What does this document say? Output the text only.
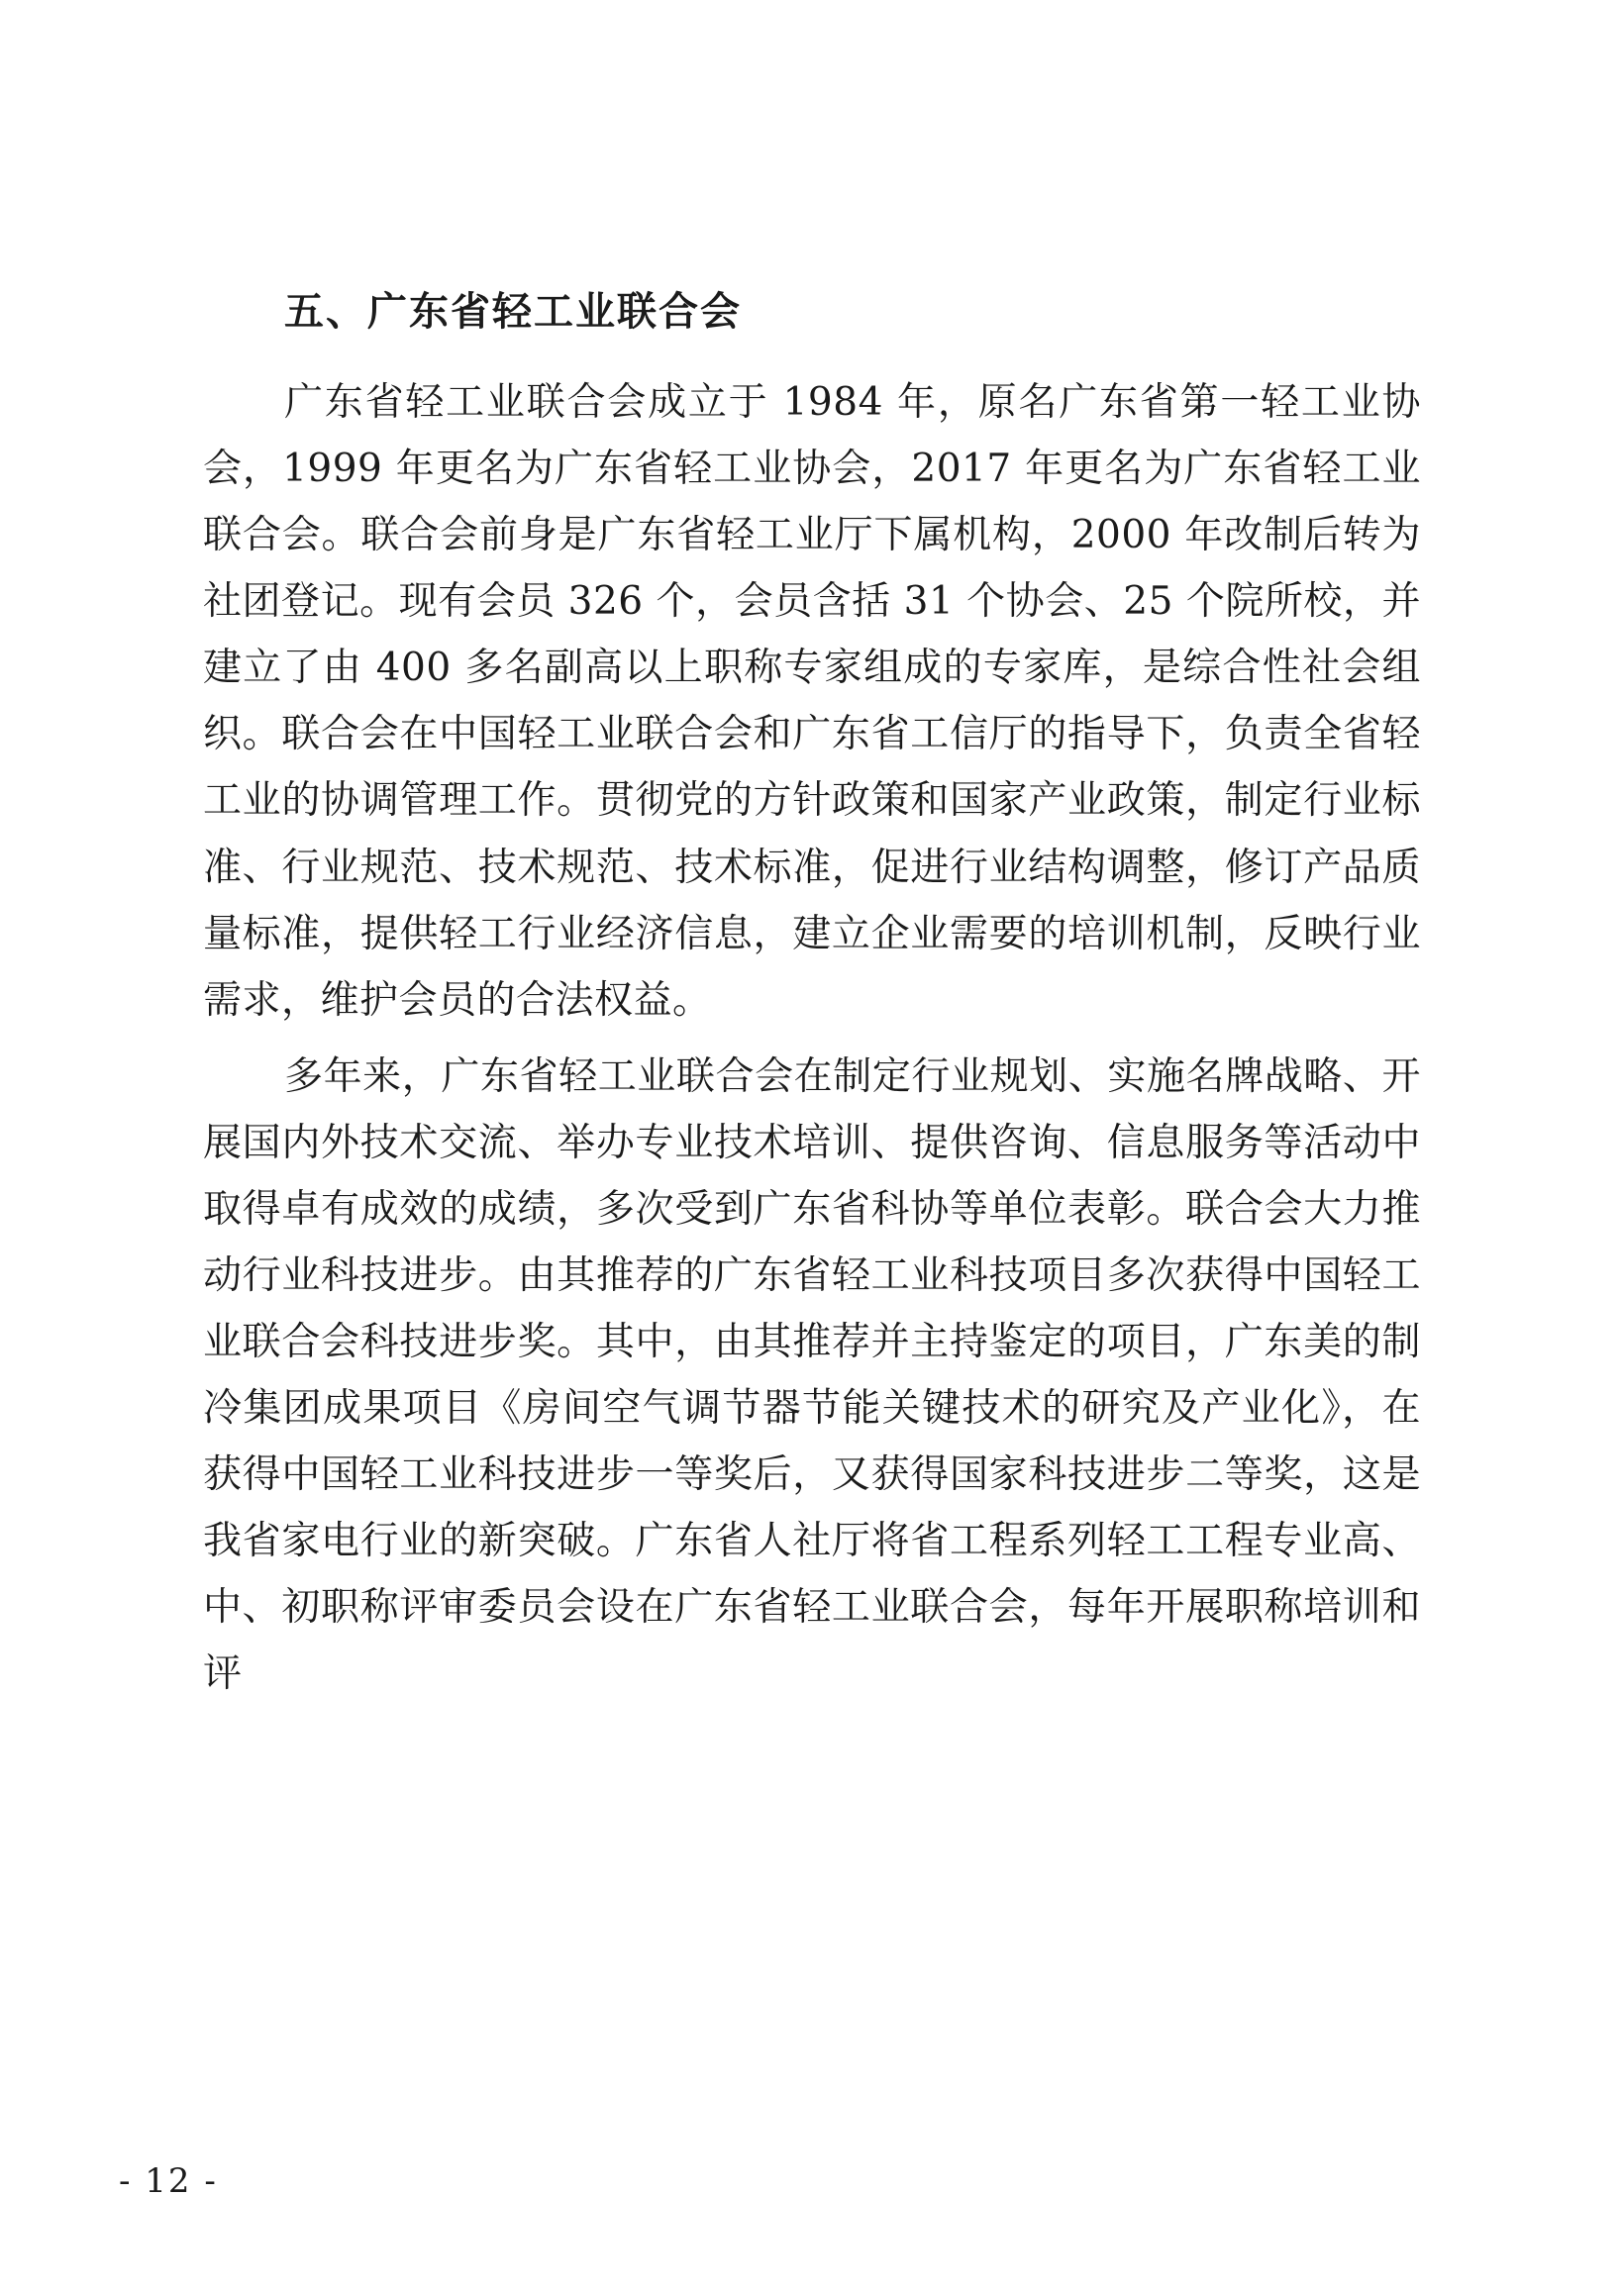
五、广东省轻工业联合会

广东省轻工业联合会成立于 1984 年，原名广东省第一轻工业协会，1999 年更名为广东省轻工业协会，2017 年更名为广东省轻工业联合会。联合会前身是广东省轻工业厅下属机构，2000 年改制后转为社团登记。现有会员 326 个，会员含括 31 个协会、25 个院所校，并建立了由 400 多名副高以上职称专家组成的专家库，是综合性社会组织。联合会在中国轻工业联合会和广东省工信厅的指导下，负责全省轻工业的协调管理工作。贯彻党的方针政策和国家产业政策，制定行业标准、行业规范、技术规范、技术标准，促进行业结构调整，修订产品质量标准，提供轻工行业经济信息，建立企业需要的培训机制，反映行业需求，维护会员的合法权益。

多年来，广东省轻工业联合会在制定行业规划、实施名牌战略、开展国内外技术交流、举办专业技术培训、提供咨询、信息服务等活动中取得卓有成效的成绩，多次受到广东省科协等单位表彰。联合会大力推动行业科技进步。由其推荐的广东省轻工业科技项目多次获得中国轻工业联合会科技进步奖。其中，由其推荐并主持鉴定的项目，广东美的制冷集团成果项目《房间空气调节器节能关键技术的研究及产业化》，在获得中国轻工业科技进步一等奖后，又获得国家科技进步二等奖，这是我省家电行业的新突破。广东省人社厅将省工程系列轻工工程专业高、中、初职称评审委员会设在广东省轻工业联合会，每年开展职称培训和评

- 12 -
